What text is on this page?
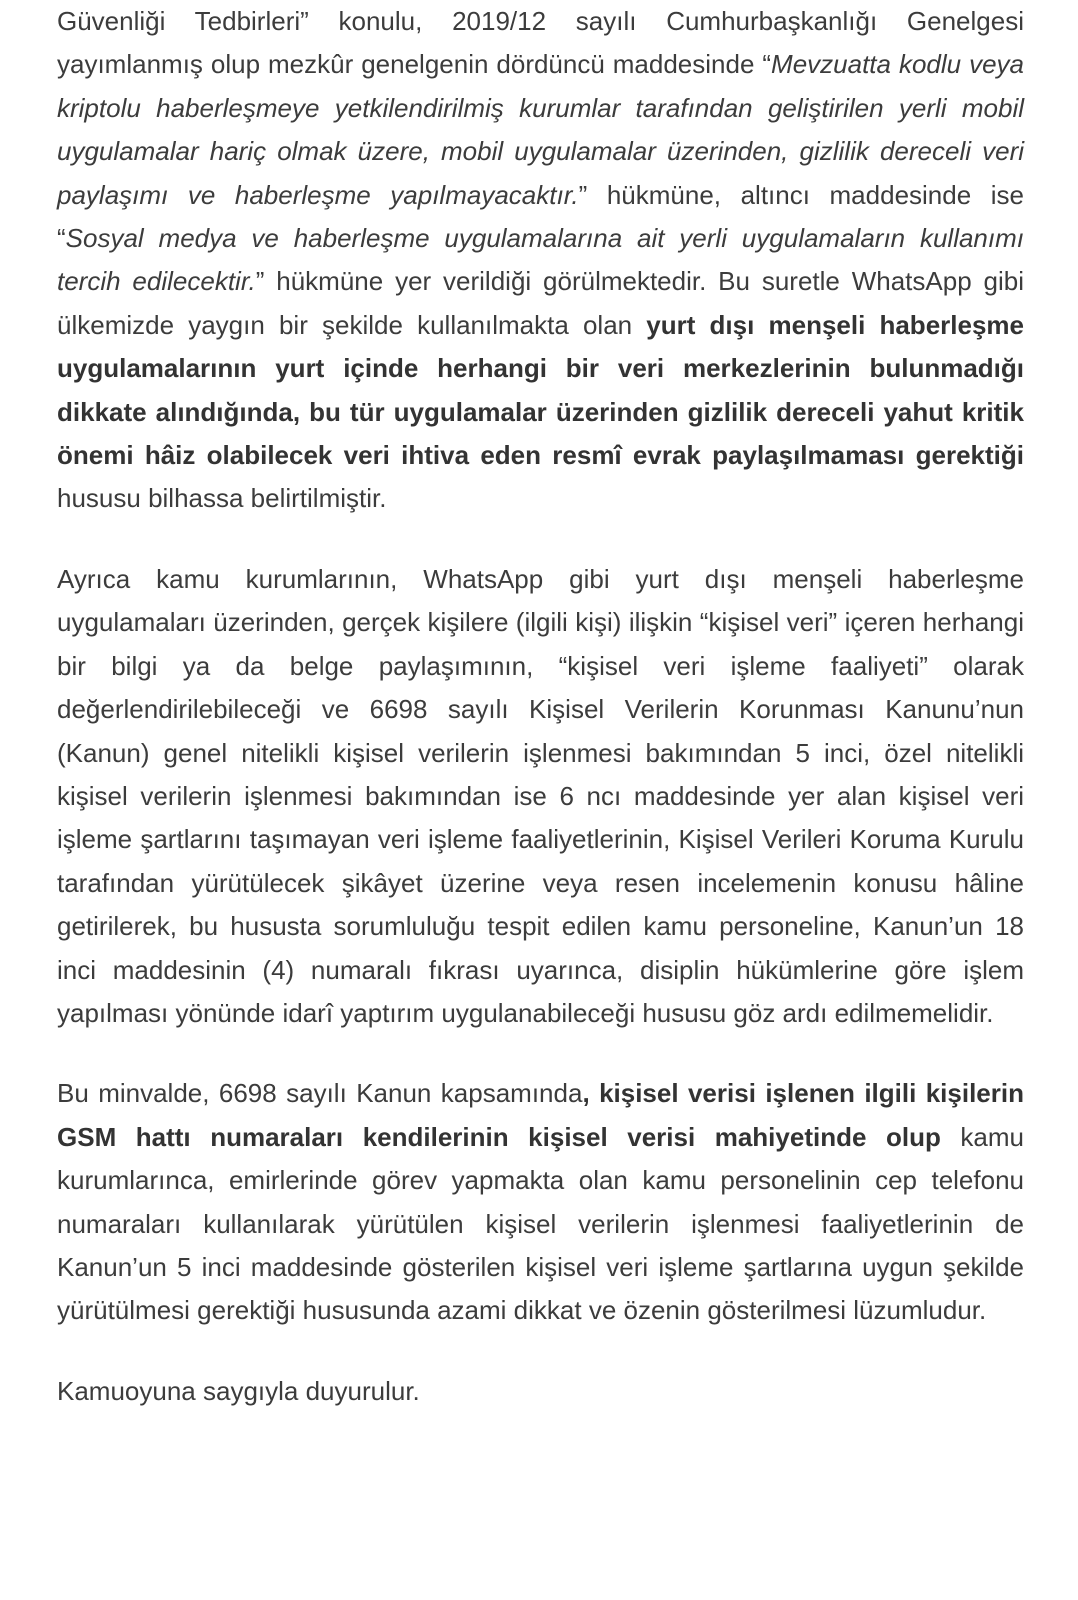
Güvenliği Tedbirleri” konulu, 2019/12 sayılı Cumhurbaşkanlığı Genelgesi yayımlanmış olup mezkûr genelgenin dördüncü maddesinde “Mevzuatta kodlu veya kriptolu haberleşmeye yetkilendirilmiş kurumlar tarafından geliştirilen yerli mobil uygulamalar hariç olmak üzere, mobil uygulamalar üzerinden, gizlilik dereceli veri paylaşımı ve haberleşme yapılmayacaktır.” hükmüne, altıncı maddesinde ise “Sosyal medya ve haberleşme uygulamalarına ait yerli uygulamaların kullanımı tercih edilecektir.” hükmüne yer verildiği görülmektedir. Bu suretle WhatsApp gibi ülkemizde yaygın bir şekilde kullanılmakta olan yurt dışı menşeli haberleşme uygulamalarının yurt içinde herhangi bir veri merkezlerinin bulunmadığı dikkate alındığında, bu tür uygulamalar üzerinden gizlilik dereceli yahut kritik önemi hâiz olabilecek veri ihtiva eden resmî evrak paylaşılmaması gerektiği hususu bilhassa belirtilmiştir.

Ayrıca kamu kurumlarının, WhatsApp gibi yurt dışı menşeli haberleşme uygulamaları üzerinden, gerçek kişilere (ilgili kişi) ilişkin “kişisel veri” içeren herhangi bir bilgi ya da belge paylaşımının, “kişisel veri işleme faaliyeti” olarak değerlendirilebileceği ve 6698 sayılı Kişisel Verilerin Korunması Kanunu’nun (Kanun) genel nitelikli kişisel verilerin işlenmesi bakımından 5 inci, özel nitelikli kişisel verilerin işlenmesi bakımından ise 6 ncı maddesinde yer alan kişisel veri işleme şartlarını taşımayan veri işleme faaliyetlerinin, Kişisel Verileri Koruma Kurulu tarafından yürütülecek şikâyet üzerine veya resen incelemenin konusu hâline getirilerek, bu hususta sorumluluğu tespit edilen kamu personeline, Kanun’un 18 inci maddesinin (4) numaralı fıkrası uyarınca, disiplin hükümlerine göre işlem yapılması yönünde idarî yaptırım uygulanabileceği hususu göz ardı edilmemelidir.

Bu minvalde, 6698 sayılı Kanun kapsamında, kişisel verisi işlenen ilgili kişilerin GSM hattı numaraları kendilerinin kişisel verisi mahiyetinde olup kamu kurumlarınca, emirlerinde görev yapmakta olan kamu personelinin cep telefonu numaraları kullanılarak yürütülen kişisel verilerin işlenmesi faaliyetlerinin de Kanun’un 5 inci maddesinde gösterilen kişisel veri işleme şartlarına uygun şekilde yürütülmesi gerektiği hususunda azami dikkat ve özenin gösterilmesi lüzumludur.

Kamuoyuna saygıyla duyurulur.
